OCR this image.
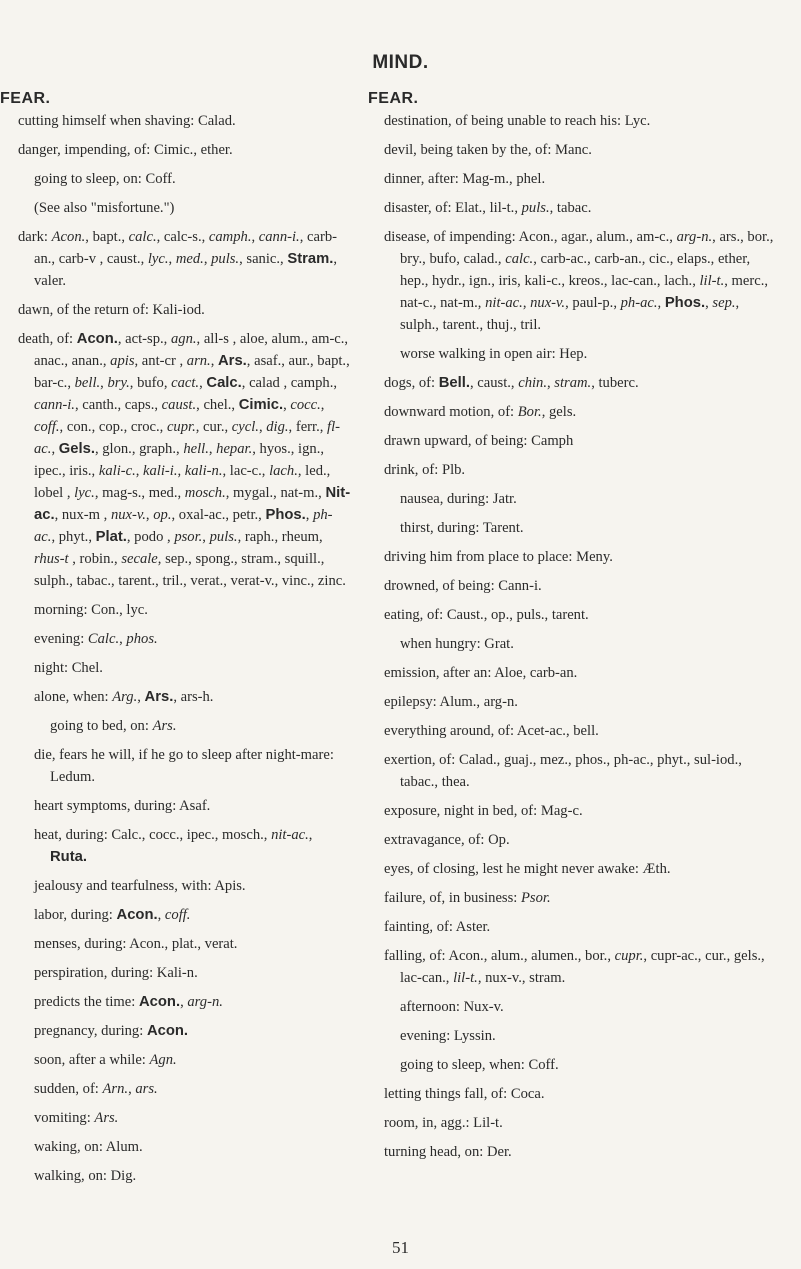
MIND.
FEAR.

cutting himself when shaving: Calad.

danger, impending, of: Cimic., ether.

going to sleep, on: Coff.

(See also "misfortune.")

dark: Acon., bapt., calc., calc-s., camph., cann-i., carb-an., carb-v , caust., lyc., med., puls., sanic., Stram., valer.

dawn, of the return of: Kali-iod.

death, of: Acon., act-sp., agn., all-s , aloe, alum., am-c., anac., anan., apis, ant-cr , arn., Ars., asaf., aur., bapt., bar-c., bell., bry., bufo, cact., Calc., calad , camph., cann-i., canth., caps., caust., chel., Cimic., cocc., coff., con., cop., croc., cupr., cur., cycl., dig., ferr., fl-ac., Gels., glon., graph., hell., hepar., hyos., ign., ipec., iris., kali-c., kali-i., kali-n., lac-c., lach., led., lobel , lyc., mag-s., med., mosch., mygal., nat-m., Nit-ac., nux-m , nux-v., op., oxal-ac., petr., Phos., ph-ac., phyt., Plat., podo , psor., puls., raph., rheum, rhus-t , robin., secale, sep., spong., stram., squill., sulph., tabac., tarent., tril., verat., verat-v., vinc., zinc.

morning: Con., lyc.

evening: Calc., phos.

night: Chel.

alone, when: Arg., Ars., ars-h.

going to bed, on: Ars.

die, fears he will, if he go to sleep after night-mare: Ledum.

heart symptoms, during: Asaf.

heat, during: Calc., cocc., ipec., mosch., nit-ac., Ruta.

jealousy and tearfulness, with: Apis.

labor, during: Acon., coff.

menses, during: Acon., plat., verat.

perspiration, during: Kali-n.

predicts the time: Acon., arg-n.

pregnancy, during: Acon.

soon, after a while: Agn.

sudden, of: Arn., ars.

vomiting: Ars.

waking, on: Alum.

walking, on: Dig.

FEAR.

destination, of being unable to reach his: Lyc.

devil, being taken by the, of: Manc.

dinner, after: Mag-m., phel.

disaster, of: Elat., lil-t., puls., tabac.

disease, of impending: Acon., agar., alum., am-c., arg-n., ars., bor., bry., bufo, calad., calc., carb-ac., carb-an., cic., elaps., ether, hep., hydr., ign., iris, kali-c., kreos., lac-can., lach., lil-t., merc., nat-c., nat-m., nit-ac., nux-v., paul-p., ph-ac., Phos., sep., sulph., tarent., thuj., tril.

worse walking in open air: Hep.

dogs, of: Bell., caust., chin., stram., tuberc.

downward motion, of: Bor., gels.

drawn upward, of being: Camph

drink, of: Plb.

nausea, during: Jatr.

thirst, during: Tarent.

driving him from place to place: Meny.

drowned, of being: Cann-i.

eating, of: Caust., op., puls., tarent.

when hungry: Grat.

emission, after an: Aloe, carb-an.

epilepsy: Alum., arg-n.

everything around, of: Acet-ac., bell.

exertion, of: Calad., guaj., mez., phos., ph-ac., phyt., sul-iod., tabac., thea.

exposure, night in bed, of: Mag-c.

extravagance, of: Op.

eyes, of closing, lest he might never awake: Æth.

failure, of, in business: Psor.

fainting, of: Aster.

falling, of: Acon., alum., alumen., bor., cupr., cupr-ac., cur., gels., lac-can., lil-t., nux-v., stram.

afternoon: Nux-v.

evening: Lyssin.

going to sleep, when: Coff.

letting things fall, of: Coca.

room, in, agg.: Lil-t.

turning head, on: Der.

51
